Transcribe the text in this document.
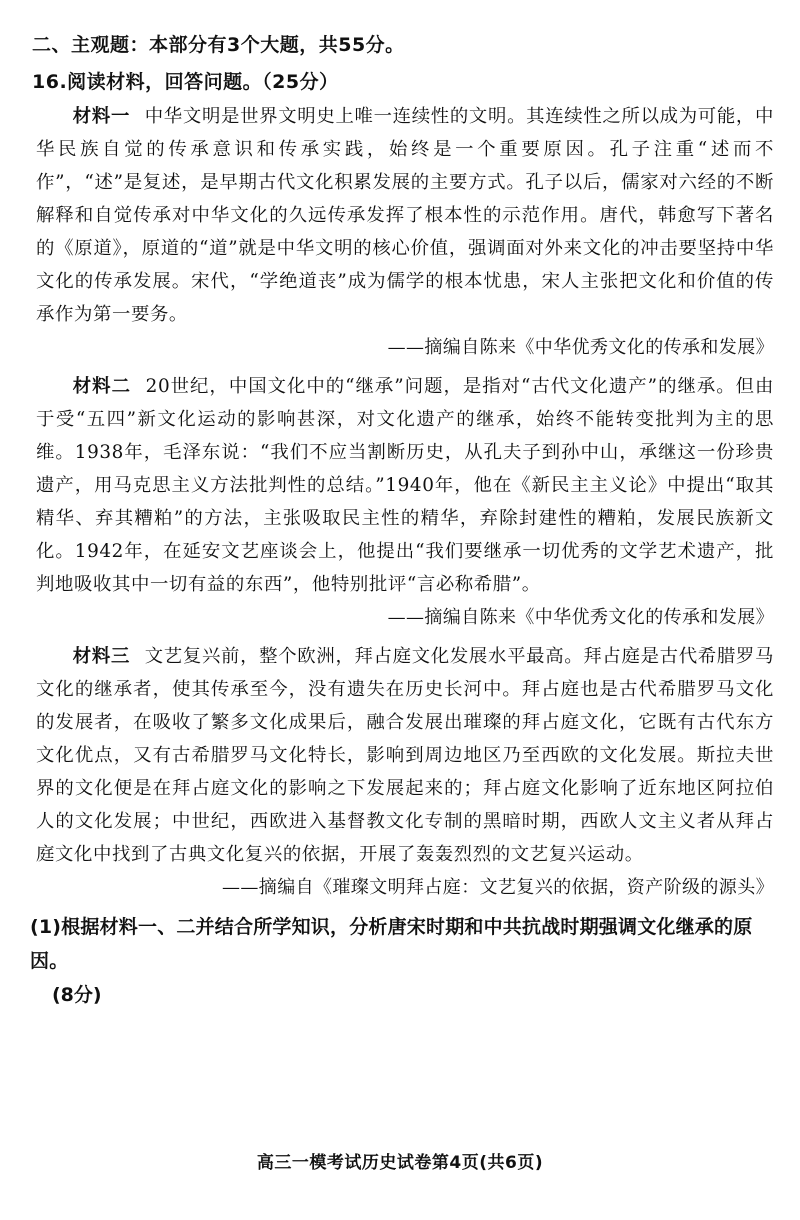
二、主观题：本部分有3个大题，共55分。
16.阅读材料，回答问题。（25分）

材料一 中华文明是世界文明史上唯一连续性的文明。其连续性之所以成为可能，中华民族自觉的传承意识和传承实践，始终是一个重要原因。孔子注重“述而不作”，“述”是复述，是早期古代文化积累发展的主要方式。孔子以后，儒家对六经的不断解释和自觉传承对中华文化的久远传承发挥了根本性的示范作用。唐代，韩愈写下著名的《原道》，原道的“道”就是中华文明的核心价值，强调面对外来文化的冲击要坚持中华文化的传承发展。宋代，“学绝道丧”成为儒学的根本忧患，宋人主张把文化和价值的传承作为第一要务。

——摘编自陈来《中华优秀文化的传承和发展》

材料二 20世纪，中国文化中的“继承”问题，是指对“古代文化遗产”的继承。但由于受“五四”新文化运动的影响甚深，对文化遗产的继承，始终不能转变批判为主的思维。1938年，毛泽东说：“我们不应当割断历史，从孔夫子到孙中山，承继这一份珍贵遗产，用马克思主义方法批判性的总结。”1940年，他在《新民主主义论》中提出“取其精华、弃其糟粕”的方法，主张吸取民主性的精华，弃除封建性的糟粕，发展民族新文化。1942年，在延安文艺座谈会上，他提出“我们要继承一切优秀的文学艺术遗产，批判地吸收其中一切有益的东西”，他特别批评“言必称希腊”。

——摘编自陈来《中华优秀文化的传承和发展》

材料三 文艺复兴前，整个欧洲，拜占庭文化发展水平最高。拜占庭是古代希腊罗马文化的继承者，使其传承至今，没有遗失在历史长河中。拜占庭也是古代希腊罗马文化的发展者，在吸收了繁多文化成果后，融合发展出璀璨的拜占庭文化，它既有古代东方文化优点，又有古希腊罗马文化特长，影响到周边地区乃至西欧的文化发展。斯拉夫世界的文化便是在拜占庭文化的影响之下发展起来的；拜占庭文化影响了近东地区阿拉伯人的文化发展；中世纪，西欧进入基督教文化专制的黑暗时期，西欧人文主义者从拜占庭文化中找到了古典文化复兴的依据，开展了轰轰烈烈的文艺复兴运动。

——摘编自《璀璨文明拜占庭：文艺复兴的依据，资产阶级的源头》
(1)根据材料一、二并结合所学知识，分析唐宋时期和中共抗战时期强调文化继承的原因。
(8分)
高三一模考试历史试卷第4页(共6页)
